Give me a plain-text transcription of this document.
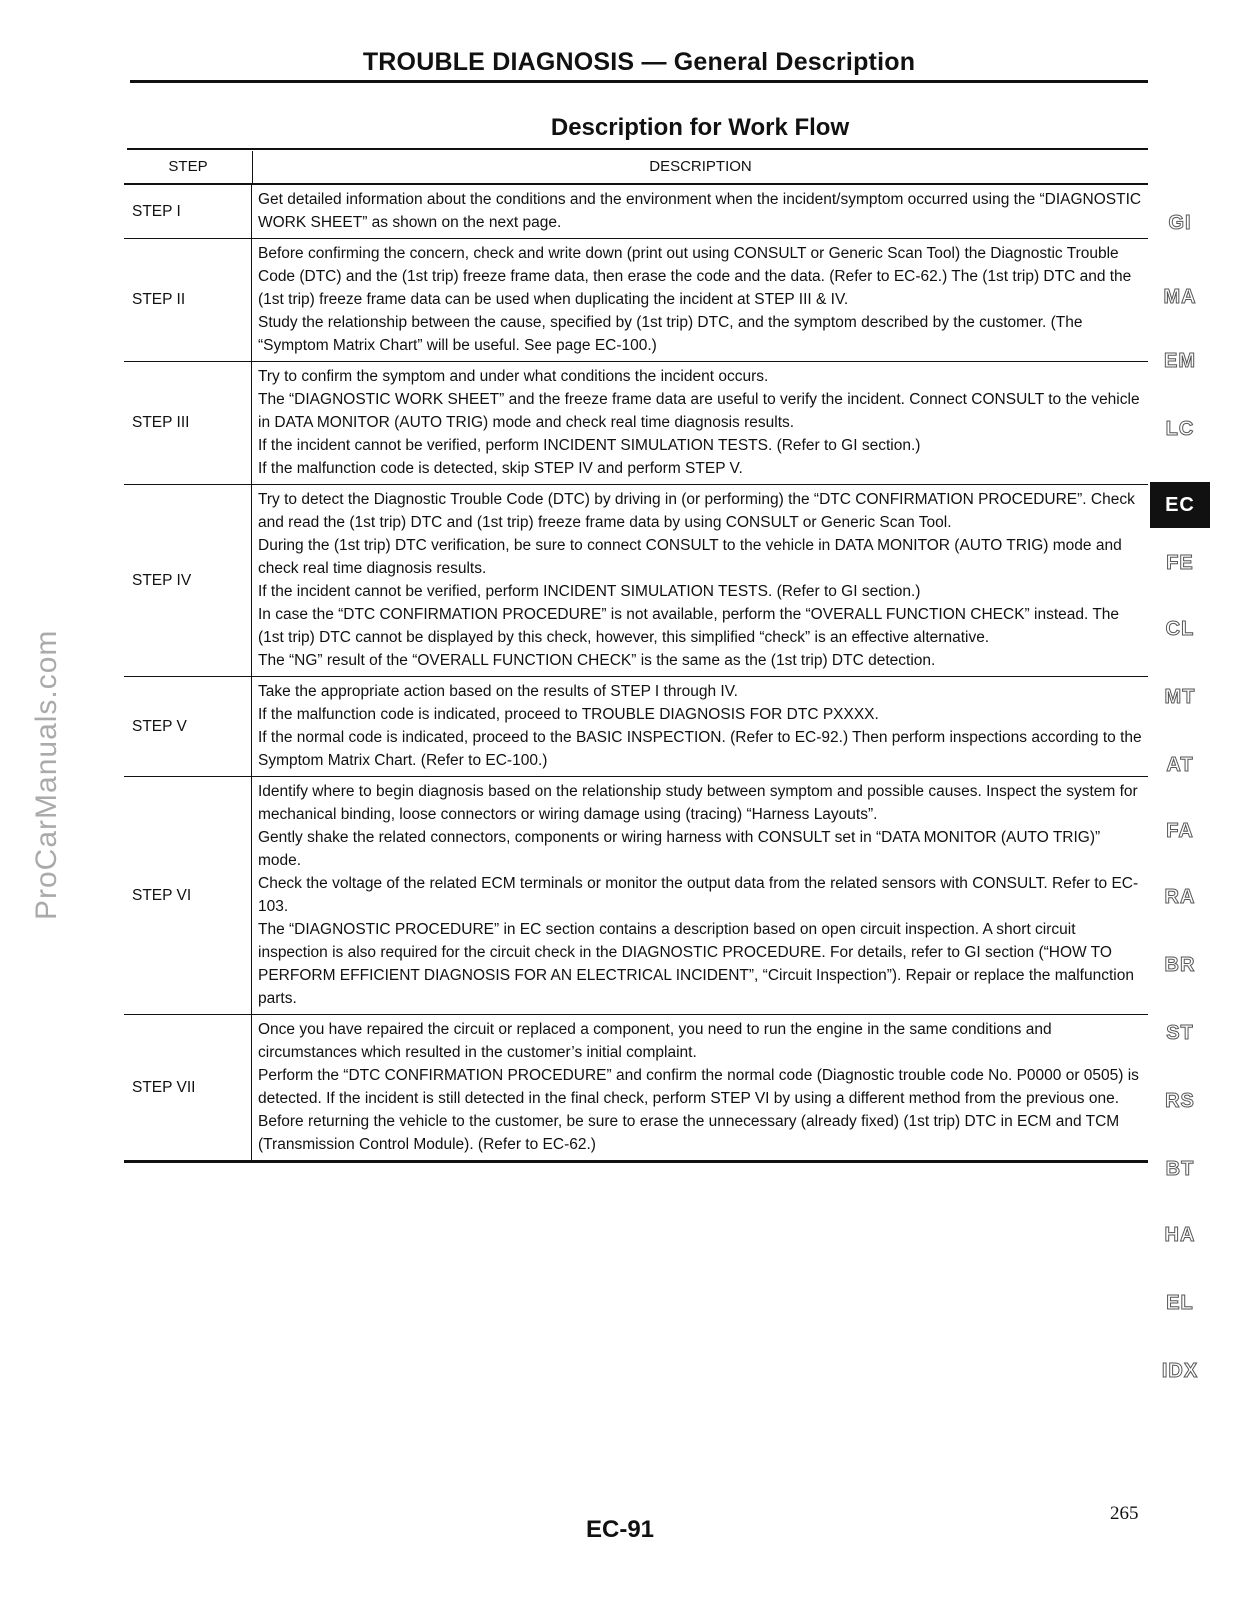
TROUBLE DIAGNOSIS — General Description
Description for Work Flow
STEP	DESCRIPTION
STEP I

Get detailed information about the conditions and the environment when the incident/symptom occurred using the “DIAGNOSTIC WORK SHEET” as shown on the next page.

STEP II

Before confirming the concern, check and write down (print out using CONSULT or Generic Scan Tool) the Diagnostic Trouble Code (DTC) and the (1st trip) freeze frame data, then erase the code and the data. (Refer to EC-62.) The (1st trip) DTC and the (1st trip) freeze frame data can be used when duplicating the incident at STEP III & IV.

Study the relationship between the cause, specified by (1st trip) DTC, and the symptom described by the customer. (The “Symptom Matrix Chart” will be useful. See page EC-100.)

STEP III

Try to confirm the symptom and under what conditions the incident occurs.

The “DIAGNOSTIC WORK SHEET” and the freeze frame data are useful to verify the incident. Connect CONSULT to the vehicle in DATA MONITOR (AUTO TRIG) mode and check real time diagnosis results.

If the incident cannot be verified, perform INCIDENT SIMULATION TESTS. (Refer to GI section.)

If the malfunction code is detected, skip STEP IV and perform STEP V.

STEP IV

Try to detect the Diagnostic Trouble Code (DTC) by driving in (or performing) the “DTC CONFIRMATION PROCEDURE”. Check and read the (1st trip) DTC and (1st trip) freeze frame data by using CONSULT or Generic Scan Tool.

During the (1st trip) DTC verification, be sure to connect CONSULT to the vehicle in DATA MONITOR (AUTO TRIG) mode and check real time diagnosis results.

If the incident cannot be verified, perform INCIDENT SIMULATION TESTS. (Refer to GI section.)

In case the “DTC CONFIRMATION PROCEDURE” is not available, perform the “OVERALL FUNCTION CHECK” instead. The (1st trip) DTC cannot be displayed by this check, however, this simplified “check” is an effective alternative.

The “NG” result of the “OVERALL FUNCTION CHECK” is the same as the (1st trip) DTC detection.

STEP V

Take the appropriate action based on the results of STEP I through IV.

If the malfunction code is indicated, proceed to TROUBLE DIAGNOSIS FOR DTC PXXXX.

If the normal code is indicated, proceed to the BASIC INSPECTION. (Refer to EC-92.) Then perform inspections according to the Symptom Matrix Chart. (Refer to EC-100.)

STEP VI

Identify where to begin diagnosis based on the relationship study between symptom and possible causes. Inspect the system for mechanical binding, loose connectors or wiring damage using (tracing) “Harness Layouts”.

Gently shake the related connectors, components or wiring harness with CONSULT set in “DATA MONITOR (AUTO TRIG)” mode.

Check the voltage of the related ECM terminals or monitor the output data from the related sensors with CONSULT. Refer to EC-103.

The “DIAGNOSTIC PROCEDURE” in EC section contains a description based on open circuit inspection. A short circuit inspection is also required for the circuit check in the DIAGNOSTIC PROCEDURE. For details, refer to GI section (“HOW TO PERFORM EFFICIENT DIAGNOSIS FOR AN ELECTRICAL INCIDENT”, “Circuit Inspection”). Repair or replace the malfunction parts.

STEP VII

Once you have repaired the circuit or replaced a component, you need to run the engine in the same conditions and circumstances which resulted in the customer’s initial complaint.

Perform the “DTC CONFIRMATION PROCEDURE” and confirm the normal code (Diagnostic trouble code No. P0000 or 0505) is detected. If the incident is still detected in the final check, perform STEP VI by using a different method from the previous one.

Before returning the vehicle to the customer, be sure to erase the unnecessary (already fixed) (1st trip) DTC in ECM and TCM (Transmission Control Module). (Refer to EC-62.)

GI
MA
EM
LC
EC
FE
CL
MT
AT
FA
RA
BR
ST
RS
BT
HA
EL
IDX
ProCarManuals.com
EC-91
265
